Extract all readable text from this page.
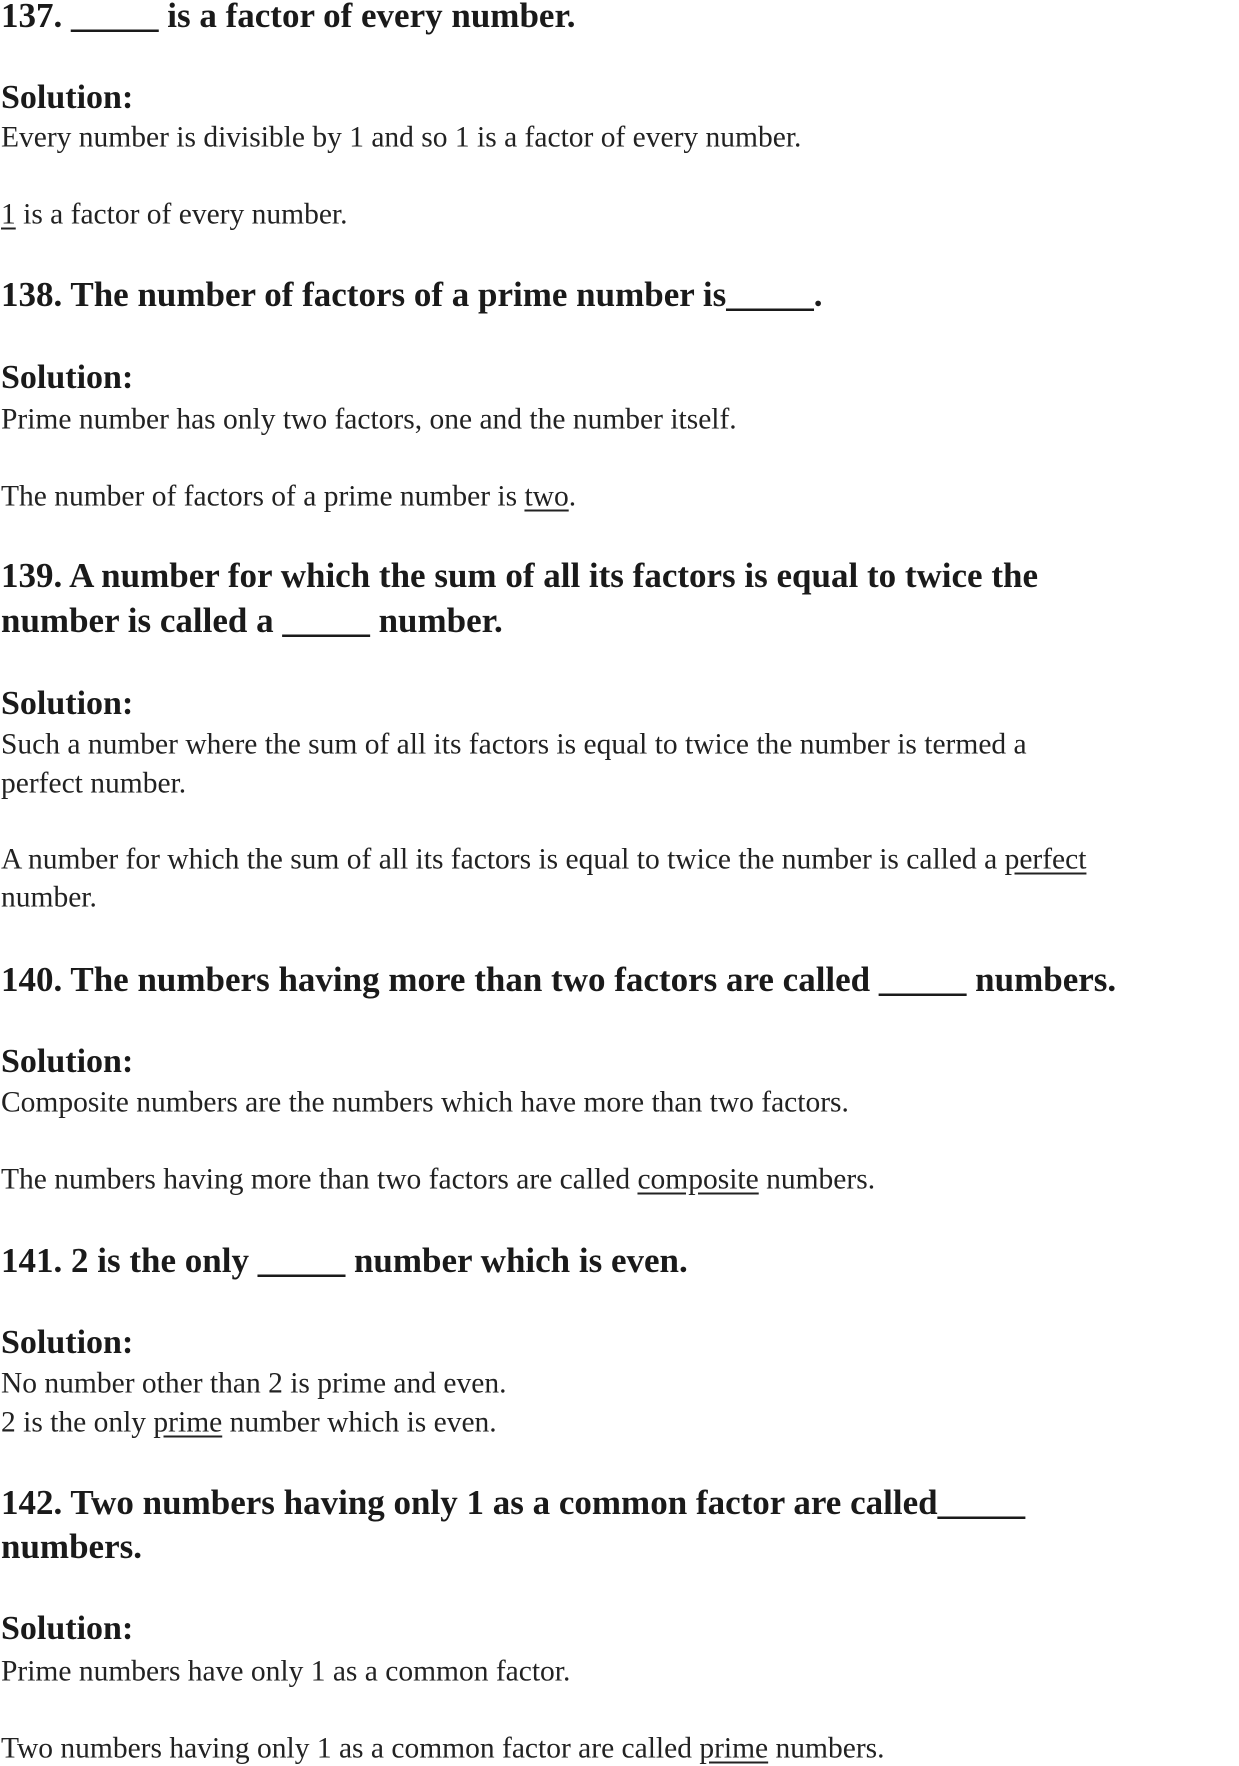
137. _____ is a factor of every number.
Solution:
Every number is divisible by 1 and so 1 is a factor of every number.
1 is a factor of every number.
138. The number of factors of a prime number is_____.
Solution:
Prime number has only two factors, one and the number itself.
The number of factors of a prime number is two.
139. A number for which the sum of all its factors is equal to twice the
number is called a _____ number.
Solution:
Such a number where the sum of all its factors is equal to twice the number is termed a
perfect number.
A number for which the sum of all its factors is equal to twice the number is called a perfect
number.
140. The numbers having more than two factors are called _____ numbers.
Solution:
Composite numbers are the numbers which have more than two factors.
The numbers having more than two factors are called composite numbers.
141. 2 is the only _____ number which is even.
Solution:
No number other than 2 is prime and even.
2 is the only prime number which is even.
142. Two numbers having only 1 as a common factor are called_____
numbers.
Solution:
Prime numbers have only 1 as a common factor.
Two numbers having only 1 as a common factor are called prime numbers.
